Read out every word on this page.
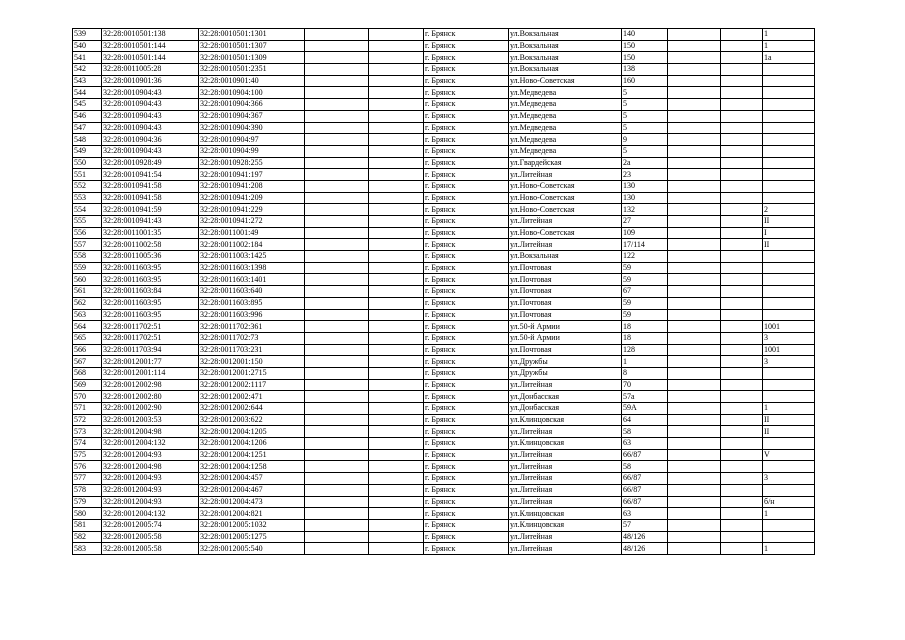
539	32:28:0010501:138	32:28:0010501:1301			г. Брянск	ул.Вокзальная	140			1
540	32:28:0010501:144	32:28:0010501:1307			г. Брянск	ул.Вокзальная	150			1
541	32:28:0010501:144	32:28:0010501:1309			г. Брянск	ул.Вокзальная	150			1а
542	32:28:0011005:28	32:28:0010501:2351			г. Брянск	ул.Вокзальная	138			
543	32:28:0010901:36	32:28:0010901:40			г. Брянск	ул.Ново-Советская	160			
544	32:28:0010904:43	32:28:0010904:100			г. Брянск	ул.Медведева	5			
545	32:28:0010904:43	32:28:0010904:366			г. Брянск	ул.Медведева	5			
546	32:28:0010904:43	32:28:0010904:367			г. Брянск	ул.Медведева	5			
547	32:28:0010904:43	32:28:0010904:390			г. Брянск	ул.Медведева	5			
548	32:28:0010904:36	32:28:0010904:97			г. Брянск	ул.Медведева	9			
549	32:28:0010904:43	32:28:0010904:99			г. Брянск	ул.Медведева	5			
550	32:28:0010928:49	32:28:0010928:255			г. Брянск	ул.Гвардейская	2а			
551	32:28:0010941:54	32:28:0010941:197			г. Брянск	ул.Литейная	23			
552	32:28:0010941:58	32:28:0010941:208			г. Брянск	ул.Ново-Советская	130			
553	32:28:0010941:58	32:28:0010941:209			г. Брянск	ул.Ново-Советская	130			
554	32:28:0010941:59	32:28:0010941:229			г. Брянск	ул.Ново-Советская	132			2
555	32:28:0010941:43	32:28:0010941:272			г. Брянск	ул.Литейная	27			II
556	32:28:0011001:35	32:28:0011001:49			г. Брянск	ул.Ново-Советская	109			I
557	32:28:0011002:58	32:28:0011002:184			г. Брянск	ул.Литейная	17/114			II
558	32:28:0011005:36	32:28:0011003:1425			г. Брянск	ул.Вокзальная	122			
559	32:28:0011603:95	32:28:0011603:1398			г. Брянск	ул.Почтовая	59			
560	32:28:0011603:95	32:28:0011603:1401			г. Брянск	ул.Почтовая	59			
561	32:28:0011603:84	32:28:0011603:640			г. Брянск	ул.Почтовая	67			
562	32:28:0011603:95	32:28:0011603:895			г. Брянск	ул.Почтовая	59			
563	32:28:0011603:95	32:28:0011603:996			г. Брянск	ул.Почтовая	59			
564	32:28:0011702:51	32:28:0011702:361			г. Брянск	ул.50-й Армии	18			1001
565	32:28:0011702:51	32:28:0011702:73			г. Брянск	ул.50-й Армии	18			3
566	32:28:0011703:94	32:28:0011703:231			г. Брянск	ул.Почтовая	128			1001
567	32:28:0012001:77	32:28:0012001:150			г. Брянск	ул.Дружбы	1			3
568	32:28:0012001:114	32:28:0012001:2715			г. Брянск	ул.Дружбы	8			
569	32:28:0012002:98	32:28:0012002:1117			г. Брянск	ул.Литейная	70			
570	32:28:0012002:80	32:28:0012002:471			г. Брянск	ул.Донбасская	57а			
571	32:28:0012002:90	32:28:0012002:644			г. Брянск	ул.Донбасская	59А			1
572	32:28:0012003:53	32:28:0012003:622			г. Брянск	ул.Клинцовская	64			II
573	32:28:0012004:98	32:28:0012004:1205			г. Брянск	ул.Литейная	58			II
574	32:28:0012004:132	32:28:0012004:1206			г. Брянск	ул.Клинцовская	63			
575	32:28:0012004:93	32:28:0012004:1251			г. Брянск	ул.Литейная	66/87			V
576	32:28:0012004:98	32:28:0012004:1258			г. Брянск	ул.Литейная	58			
577	32:28:0012004:93	32:28:0012004:457			г. Брянск	ул.Литейная	66/87			3
578	32:28:0012004:93	32:28:0012004:467			г. Брянск	ул.Литейная	66/87			
579	32:28:0012004:93	32:28:0012004:473			г. Брянск	ул.Литейная	66/87			б/н
580	32:28:0012004:132	32:28:0012004:821			г. Брянск	ул.Клинцовская	63			1
581	32:28:0012005:74	32:28:0012005:1032			г. Брянск	ул.Клинцовская	57			
582	32:28:0012005:58	32:28:0012005:1275			г. Брянск	ул.Литейная	48/126			
583	32:28:0012005:58	32:28:0012005:540			г. Брянск	ул.Литейная	48/126			1
